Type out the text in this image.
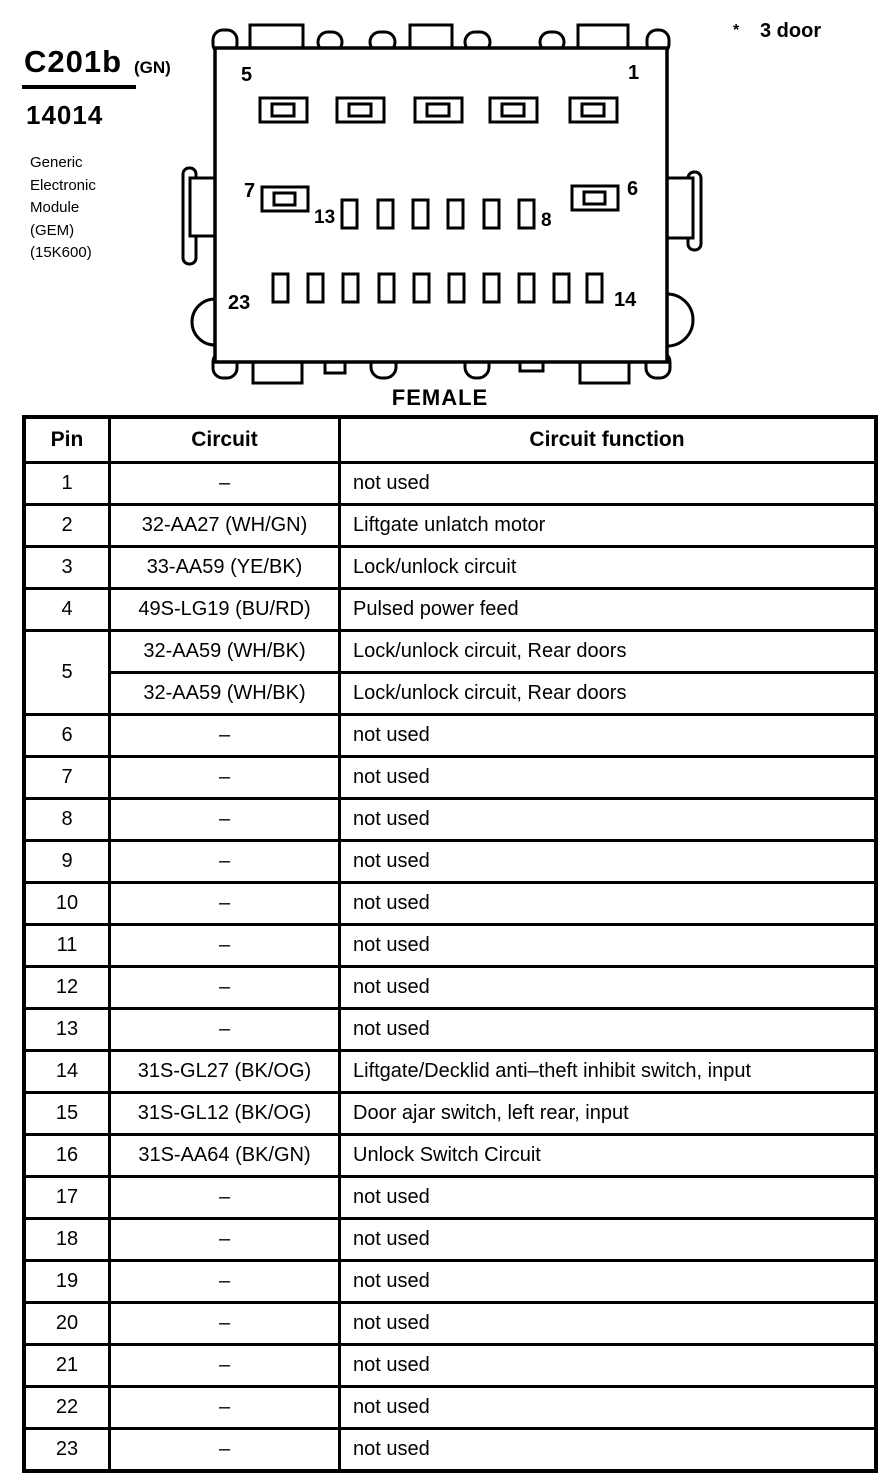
C201b (GN)
14014
Generic
Electronic
Module
(GEM)
(15K600)
* 3 door
5	1
7	6
13	8
23	14
FEMALE
Pin	Circuit	Circuit function
1	–	not used
2	32-AA27 (WH/GN)	Liftgate unlatch motor
3	33-AA59 (YE/BK)	Lock/unlock circuit
4	49S-LG19 (BU/RD)	Pulsed power feed
5	32-AA59 (WH/BK)	Lock/unlock circuit, Rear doors
	32-AA59 (WH/BK)	Lock/unlock circuit, Rear doors
6	–	not used
7	–	not used
8	–	not used
9	–	not used
10	–	not used
11	–	not used
12	–	not used
13	–	not used
14	31S-GL27 (BK/OG)	Liftgate/Decklid anti–theft inhibit switch, input
15	31S-GL12 (BK/OG)	Door ajar switch, left rear, input
16	31S-AA64 (BK/GN)	Unlock Switch Circuit
17	–	not used
18	–	not used
19	–	not used
20	–	not used
21	–	not used
22	–	not used
23	–	not used
